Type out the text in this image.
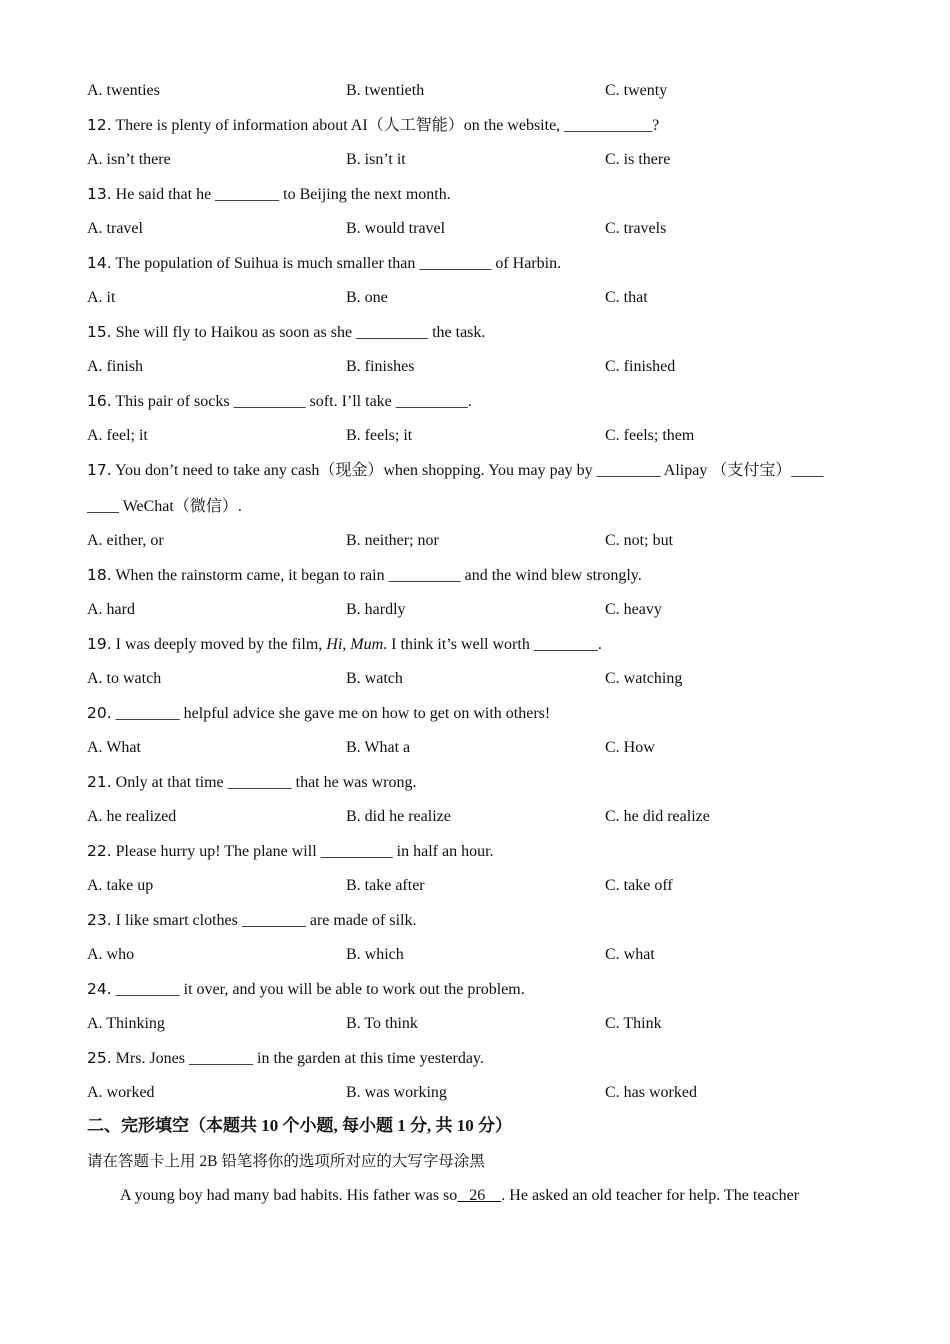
A. twenties	B. twentieth	C. twenty
12. There is plenty of information about AI（人工智能）on the website, ___________?
A. isn’t there	B. isn’t it	C. is there
13. He said that he ________ to Beijing the next month.
A. travel	B. would travel	C. travels
14. The population of Suihua is much smaller than _________ of Harbin.
A. it	B. one	C. that
15. She will fly to Haikou as soon as she _________ the task.
A. finish	B. finishes	C. finished
16. This pair of socks _________ soft. I’ll take _________.
A. feel; it	B. feels; it	C. feels; them
17. You don’t need to take any cash（现金）when shopping. You may pay by ________ Alipay （支付宝）____
____ WeChat（微信）.
A. either, or	B. neither; nor	C. not; but
18. When the rainstorm came, it began to rain _________ and the wind blew strongly.
A. hard	B. hardly	C. heavy
19. I was deeply moved by the film, Hi, Mum. I think it’s well worth ________.
A. to watch	B. watch	C. watching
20. ________ helpful advice she gave me on how to get on with others!
A. What	B. What a	C. How
21. Only at that time ________ that he was wrong.
A. he realized	B. did he realize	C. he did realize
22. Please hurry up! The plane will _________ in half an hour.
A. take up	B. take after	C. take off
23. I like smart clothes ________ are made of silk.
A. who	B. which	C. what
24. ________ it over, and you will be able to work out the problem.
A. Thinking	B. To think	C. Think
25. Mrs. Jones ________ in the garden at this time yesterday.
A. worked	B. was working	C. has worked
二、完形填空（本题共 10 个小题, 每小题 1 分, 共 10 分）
请在答题卡上用 2B 铅笔将你的选项所对应的大写字母涂黑
A young boy had many bad habits. His father was so   26    . He asked an old teacher for help. The teacher
